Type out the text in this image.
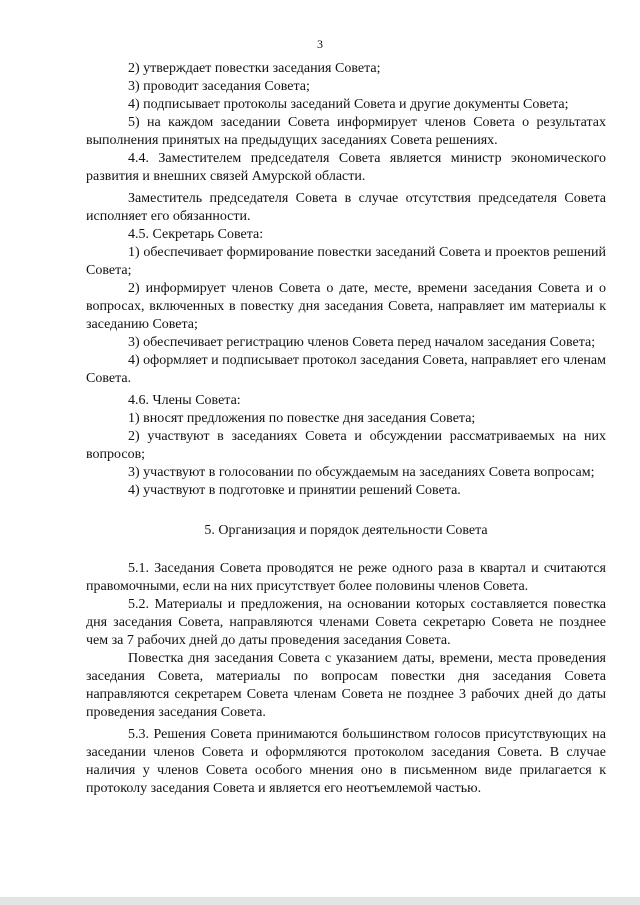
3

2) утверждает повестки заседания Совета;

3) проводит заседания Совета;

4) подписывает протоколы заседаний Совета и другие документы Совета;

5) на каждом заседании Совета информирует членов Совета о результатах выполнения принятых на предыдущих заседаниях Совета решениях.

4.4. Заместителем председателя Совета является министр экономического развития и внешних связей Амурской области.

Заместитель председателя Совета в случае отсутствия председателя Совета исполняет его обязанности.

4.5. Секретарь Совета:

1) обеспечивает формирование повестки заседаний Совета и проектов решений Совета;

2) информирует членов Совета о дате, месте, времени заседания Совета и о вопросах, включенных в повестку дня заседания Совета, направляет им материалы к заседанию Совета;

3) обеспечивает регистрацию членов Совета перед началом заседания Совета;

4) оформляет и подписывает протокол заседания Совета, направляет его членам Совета.

4.6. Члены Совета:

1) вносят предложения по повестке дня заседания Совета;

2) участвуют в заседаниях Совета и обсуждении рассматриваемых на них вопросов;

3) участвуют в голосовании по обсуждаемым на заседаниях Совета вопросам;

4) участвуют в подготовке и принятии решений Совета.

5. Организация и порядок деятельности Совета

5.1. Заседания Совета проводятся не реже одного раза в квартал и считаются правомочными, если на них присутствует более половины членов Совета.

5.2. Материалы и предложения, на основании которых составляется повестка дня заседания Совета, направляются членами Совета секретарю Совета не позднее чем за 7 рабочих дней до даты проведения заседания Совета.

Повестка дня заседания Совета с указанием даты, времени, места проведения заседания Совета, материалы по вопросам повестки дня заседания Совета направляются секретарем Совета членам Совета не позднее 3 рабочих дней до даты проведения заседания Совета.

5.3. Решения Совета принимаются большинством голосов присутствующих на заседании членов Совета и оформляются протоколом заседания Совета. В случае наличия у членов Совета особого мнения оно в письменном виде прилагается к протоколу заседания Совета и является его неотъемлемой частью.
